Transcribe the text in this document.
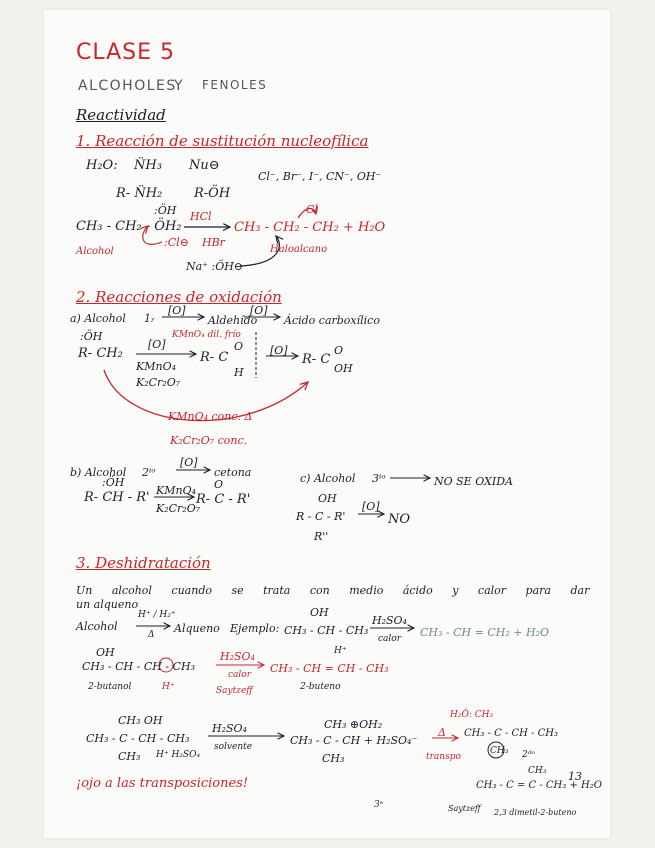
CLASE 5
ALCOHOLES
Y FENOLES
Reactividad
1. Reacción de sustitución nucleofílica
H₂O: N̈H₃ Nu⊖
R- N̈H₂ R-ÖH
Cl⁻, Br⁻, I⁻, CN⁻, OH⁻
:ÖH
CH₃ - CH₂ - ÖH₂
:Cl⊖
HCl
HBr
Cl
CH₃ - CH₂ - CH₂ + H₂O
Alcohol	Haloalcano
Na⁺ :ÖH⊖
2. Reacciones de oxidación
a) Alcohol 1ᵣ
[O]
Aldehído
[O]
Ácido carboxílico
:ÖH
R- CH₂
[O]
KMnO₄ dil. frío
KMnO₄
K₂Cr₂O₇
R- C
O
H
[O]
R- C
O
OH
KMnO₄ conc. Δ
K₂Cr₂O₇ conc.
b) Alcohol 2ⁱᵒ
[O]
cetona
:ÖH
R- CH - R' KMnO₄
K₂Cr₂O₇
O
R- C - R'
c) Alcohol 3ⁱᵒ	NO SE OXIDA
OH
R - C - R'
R''
[O]
NO
3. Deshidratación
Un alcohol cuando se trata con medio ácido y calor para dar
un alqueno
Alcohol
H⁺ / H₂⁺
Δ Alqueno Ejemplo:
OH
CH₃ - CH - CH₃
H⁺
H₂SO₄
calor CH₃ - CH = CH₂ + H₂O
OH
CH₃ - CH - CH - CH₃
H⁺
H₂SO₄
calor CH₃ - CH = CH - CH₃
2-butanol	Saytzeff	2-buteno
CH₃ OH
CH₃ - C - CH - CH₃
CH₃ H⁺ H₂SO₄
H₂SO₄
solvente
CH₃ ⊕OH₂
CH₃ - C - CH + H₂SO₄⁻
CH₃
Δ
H₂Ö: CH₃
CH₃ - C - CH - CH₃
CH₃ 2ᵈᵒ
transpo
CH₃
CH₃ - C = C - CH₃ + H₂O
3ᵉ	Saytzeff 2,3 dimetil-2-buteno
13
¡ojo a las transposiciones!
